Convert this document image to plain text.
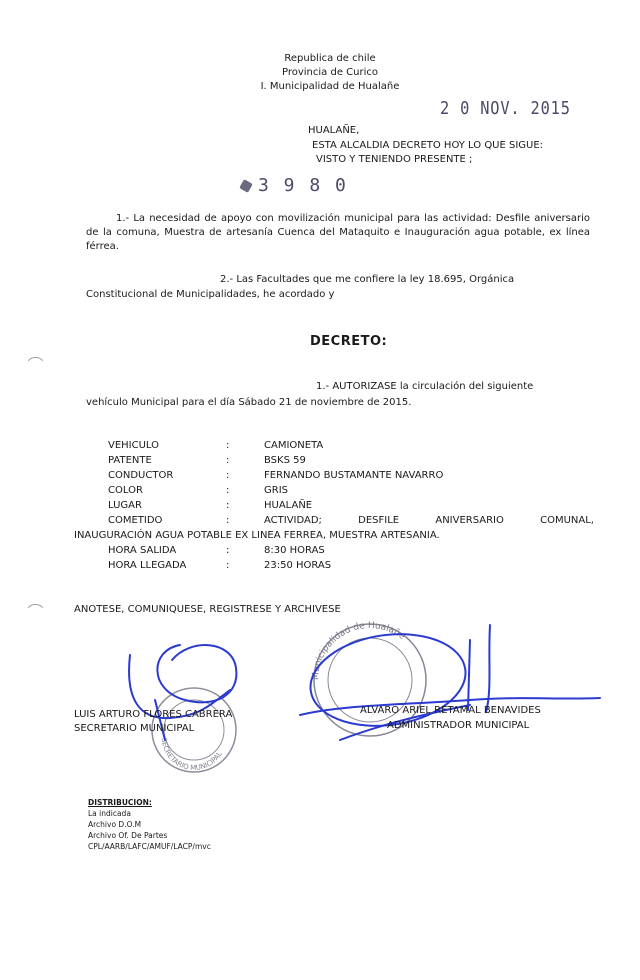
Republica de chile
Provincia de Curico
I. Municipalidad de Hualañe
2 0 NOV. 2015
HUALAÑE,
ESTA ALCALDIA DECRETO HOY LO QUE SIGUE:
VISTO Y TENIENDO PRESENTE ;
3 9 8 0
1.- La necesidad de apoyo con movilización municipal para las actividad: Desfile aniversario de la comuna, Muestra de artesanía Cuenca del Mataquito e Inauguración agua potable, ex línea férrea.
2.- Las Facultades que me confiere la ley 18.695, Orgánica
Constitucional de Municipalidades, he acordado y
DECRETO:
1.- AUTORIZASE la circulación del siguiente
vehículo Municipal para el día Sábado 21 de noviembre de 2015.
VEHICULO	:	CAMIONETA
PATENTE	:	BSKS 59
CONDUCTOR	:	FERNANDO BUSTAMANTE NAVARRO
COLOR	:	GRIS
LUGAR	:	HUALAÑE
COMETIDO	:	ACTIVIDAD; DESFILE ANIVERSARIO COMUNAL,
INAUGURACIÓN AGUA POTABLE EX LINEA FERREA, MUESTRA ARTESANIA.
HORA SALIDA	:	8:30 HORAS
HORA LLEGADA	:	23:50 HORAS
ANOTESE, COMUNIQUESE, REGISTRESE Y ARCHIVESE
SECRETARIO MUNICIPAL
Municipalidad de Hualañe
LUIS ARTURO FLORES CABRERA
SECRETARIO MUNICIPAL
ALVARO ARIEL RETAMAL BENAVIDES
ADMINISTRADOR MUNICIPAL
DISTRIBUCION:
La indicada
Archivo D.O.M
Archivo Of. De Partes
CPL/AARB/LAFC/AMUF/LACP/mvc
